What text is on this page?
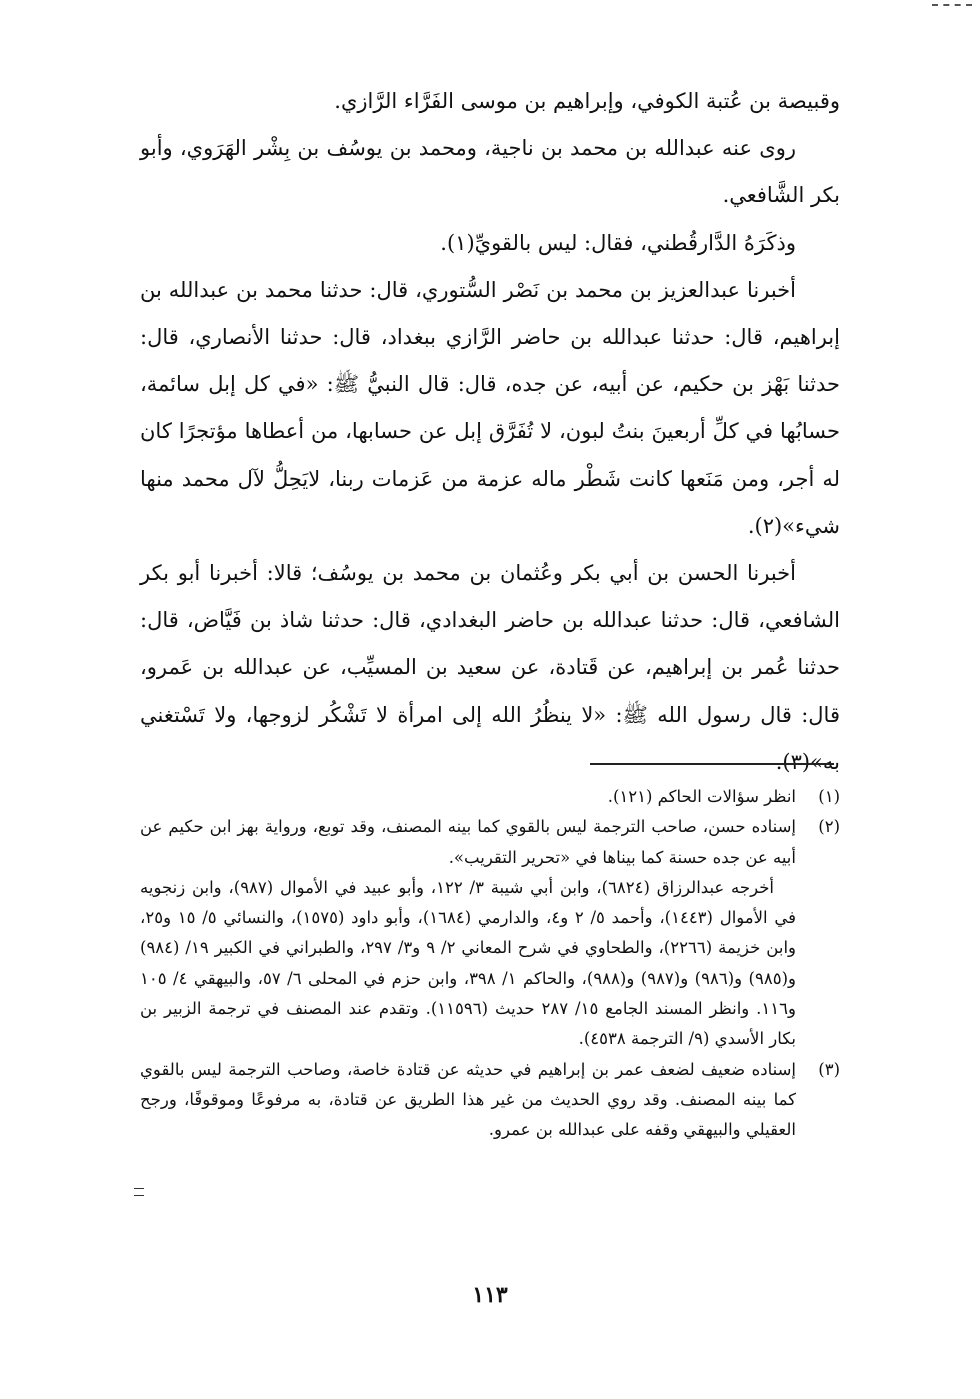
وقبيصة بن عُتبة الكوفي، وإبراهيم بن موسى الفَرَّاء الرَّازي.

روى عنه عبدالله بن محمد بن ناجية، ومحمد بن يوسُف بن بِشْر الهَرَوي، وأبو بكر الشَّافعي.

وذكَرَهُ الدَّارقُطني، فقال: ليس بالقويِّ(١).

أخبرنا عبدالعزيز بن محمد بن نَصْر السُّتوري، قال: حدثنا محمد بن عبدالله بن إبراهيم، قال: حدثنا عبدالله بن حاضر الرَّازي ببغداد، قال: حدثنا الأنصاري، قال: حدثنا بَهْز بن حكيم، عن أبيه، عن جده، قال: قال النبيُّ ﷺ: «في كل إبل سائمة، حسابُها في كلِّ أربعينَ بنتُ لبون، لا تُفَرَّق إبل عن حسابها، من أعطاها مؤتجرًا كان له أجر، ومن مَنَعها كانت شَطْر ماله عزمة من عَزمات ربنا، لايَحِلُّ لآل محمد منها شيء»(٢).

أخبرنا الحسن بن أبي بكر وعُثمان بن محمد بن يوسُف؛ قالا: أخبرنا أبو بكر الشافعي، قال: حدثنا عبدالله بن حاضر البغدادي، قال: حدثنا شاذ بن فَيَّاض، قال: حدثنا عُمر بن إبراهيم، عن قَتادة، عن سعيد بن المسيِّب، عن عبدالله بن عَمرو، قال: قال رسول الله ﷺ: «لا ينظُرُ الله إلى امرأة لا تَشْكُر لزوجها، ولا تَسْتغني به»(٣).

(١)

انظر سؤالات الحاكم (١٢١).

(٢)

إسناده حسن، صاحب الترجمة ليس بالقوي كما بينه المصنف، وقد توبع، ورواية بهز ابن حكيم عن أبيه عن جده حسنة كما بيناها في «تحرير التقريب».

أخرجه عبدالرزاق (٦٨٢٤)، وابن أبي شيبة ٣/ ١٢٢، وأبو عبيد في الأموال (٩٨٧)، وابن زنجويه في الأموال (١٤٤٣)، وأحمد ٥/ ٢ و٤، والدارمي (١٦٨٤)، وأبو داود (١٥٧٥)، والنسائي ٥/ ١٥ و٢٥، وابن خزيمة (٢٢٦٦)، والطحاوي في شرح المعاني ٢/ ٩ و٣/ ٢٩٧، والطبراني في الكبير ١٩/ (٩٨٤) و(٩٨٥) و(٩٨٦) و(٩٨٧) و(٩٨٨)، والحاكم ١/ ٣٩٨، وابن حزم في المحلى ٦/ ٥٧، والبيهقي ٤/ ١٠٥ و١١٦. وانظر المسند الجامع ١٥/ ٢٨٧ حديث (١١٥٩٦). وتقدم عند المصنف في ترجمة الزبير بن بكار الأسدي (٩/ الترجمة ٤٥٣٨).

(٣)

إسناده ضعيف لضعف عمر بن إبراهيم في حديثه عن قتادة خاصة، وصاحب الترجمة ليس بالقوي كما بينه المصنف. وقد روي الحديث من غير هذا الطريق عن قتادة، به مرفوعًا وموقوفًا، ورجح العقيلي والبيهقي وقفه على عبدالله بن عمرو.

١١٣
